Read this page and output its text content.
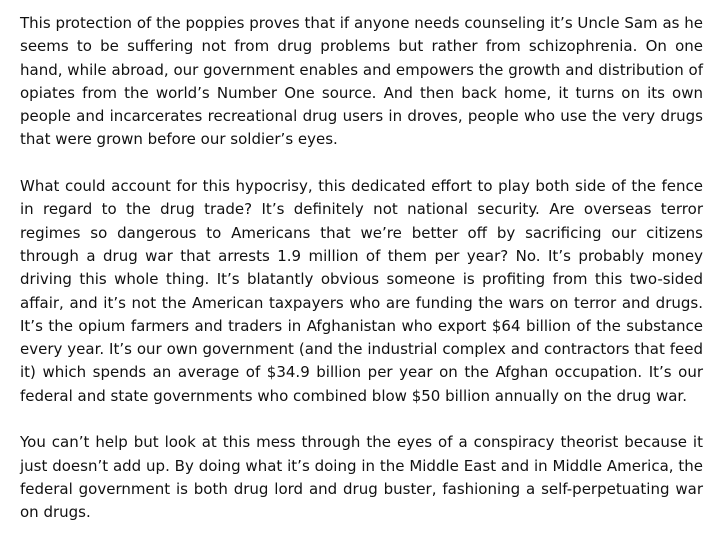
This protection of the poppies proves that if anyone needs counseling it’s Uncle Sam as he seems to be suffering not from drug problems but rather from schizophrenia. On one hand, while abroad, our government enables and empowers the growth and distribution of opiates from the world’s Number One source. And then back home, it turns on its own people and incarcerates recreational drug users in droves, people who use the very drugs that were grown before our soldier’s eyes.

What could account for this hypocrisy, this dedicated effort to play both side of the fence in regard to the drug trade? It’s definitely not national security. Are overseas terror regimes so dangerous to Americans that we’re better off by sacrificing our citizens through a drug war that arrests 1.9 million of them per year? No. It’s probably money driving this whole thing. It’s blatantly obvious someone is profiting from this two-sided affair, and it’s not the American taxpayers who are funding the wars on terror and drugs. It’s the opium farmers and traders in Afghanistan who export $64 billion of the substance every year. It’s our own government (and the industrial complex and contractors that feed it) which spends an average of $34.9 billion per year on the Afghan occupation. It’s our federal and state governments who combined blow $50 billion annually on the drug war.

You can’t help but look at this mess through the eyes of a conspiracy theorist because it just doesn’t add up. By doing what it’s doing in the Middle East and in Middle America, the federal government is both drug lord and drug buster, fashioning a self-perpetuating war on drugs.
